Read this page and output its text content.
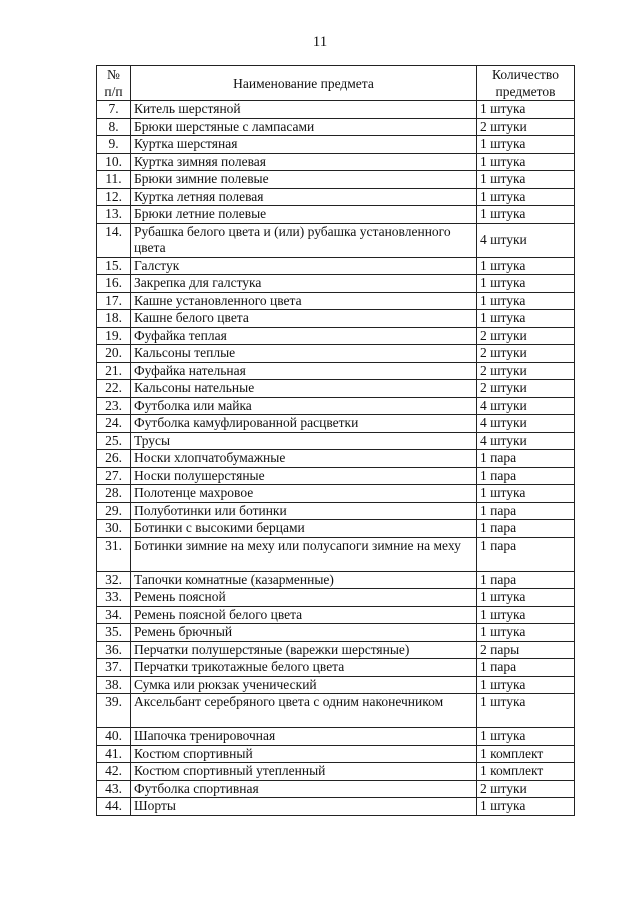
11
№ п/п	Наименование предмета	Количество предметов
7.	Китель шерстяной	1 штука
8.	Брюки шерстяные с лампасами	2 штуки
9.	Куртка шерстяная	1 штука
10.	Куртка зимняя полевая	1 штука
11.	Брюки зимние полевые	1 штука
12.	Куртка летняя полевая	1 штука
13.	Брюки летние полевые	1 штука
14.	Рубашка белого цвета и (или) рубашка установленного цвета	4 штуки
15.	Галстук	1 штука
16.	Закрепка для галстука	1 штука
17.	Кашне установленного цвета	1 штука
18.	Кашне белого цвета	1 штука
19.	Фуфайка теплая	2 штуки
20.	Кальсоны теплые	2 штуки
21.	Фуфайка нательная	2 штуки
22.	Кальсоны нательные	2 штуки
23.	Футболка или майка	4 штуки
24.	Футболка камуфлированной расцветки	4 штуки
25.	Трусы	4 штуки
26.	Носки хлопчатобумажные	1 пара
27.	Носки полушерстяные	1 пара
28.	Полотенце махровое	1 штука
29.	Полуботинки или ботинки	1 пара
30.	Ботинки с высокими берцами	1 пара
31.	Ботинки зимние на меху или полусапоги зимние на меху	1 пара
32.	Тапочки комнатные (казарменные)	1 пара
33.	Ремень поясной	1 штука
34.	Ремень поясной белого цвета	1 штука
35.	Ремень брючный	1 штука
36.	Перчатки полушерстяные (варежки шерстяные)	2 пары
37.	Перчатки трикотажные белого цвета	1 пара
38.	Сумка или рюкзак ученический	1 штука
39.	Аксельбант серебряного цвета с одним наконечником	1 штука
40.	Шапочка тренировочная	1 штука
41.	Костюм спортивный	1 комплект
42.	Костюм спортивный утепленный	1 комплект
43.	Футболка спортивная	2 штуки
44.	Шорты	1 штука
